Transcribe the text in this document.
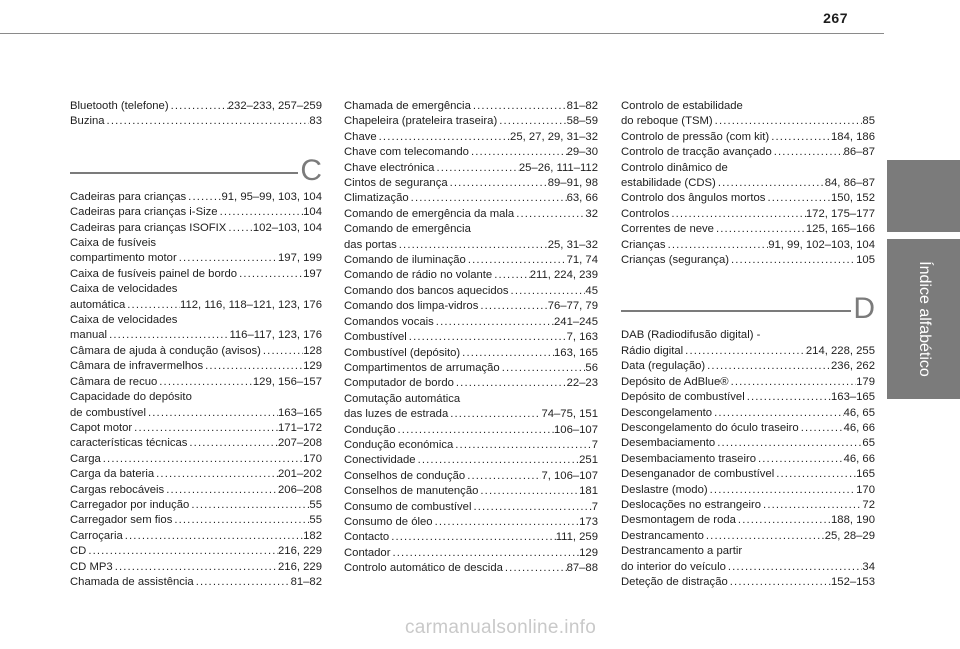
267
Índice alfabético
Bluetooth (telefone) . . .	232–233, 257–259
Buzina . . .	83
C
Cadeiras para crianças . . .	91, 95–99, 103, 104
Cadeiras para crianças i-Size . . .	104
Cadeiras para crianças ISOFIX . . . 102–103, 104
Caixa de fusíveis
compartimento motor . . .	197, 199
Caixa de fusíveis painel de bordo . . .	197
Caixa de velocidades
automática . . .	112, 116, 118–121, 123, 176
Caixa de velocidades
manual . . .	116–117, 123, 176
Câmara de ajuda à condução (avisos) . . .	128
Câmara de infravermelhos . . .	129
Câmara de recuo . . .	129, 156–157
Capacidade do depósito
de combustível . . .	163–165
Capot motor . . .	171–172
características técnicas . . .	207–208
Carga . . .	170
Carga da bateria . . .	201–202
Cargas rebocáveis . . .	206–208
Carregador por indução . . .	55
Carregador sem fios . . .	55
Carroçaria . . .	182
CD . . .	216, 229
CD MP3 . . .	216, 229
Chamada de assistência . . .	81–82
Chamada de emergência . . .	81–82
Chapeleira (prateleira traseira) . . .	58–59
Chave . . .	25, 27, 29, 31–32
Chave com telecomando . . .	29–30
Chave electrónica . . .	25–26, 111–112
Cintos de segurança . . .	89–91, 98
Climatização . . .	63, 66
Comando de emergência da mala . . .	32
Comando de emergência
das portas . . .	25, 31–32
Comando de iluminação . . .	71, 74
Comando de rádio no volante . . .	211, 224, 239
Comando dos bancos aquecidos . . .	45
Comando dos limpa-vidros . . .	76–77, 79
Comandos vocais . . .	241–245
Combustível . . .	7, 163
Combustível (depósito) . . .	163, 165
Compartimentos de arrumação . . .	56
Computador de bordo . . .	22–23
Comutação automática
das luzes de estrada . . .	74–75, 151
Condução . . .	106–107
Condução económica . . .	7
Conectividade . . .	251
Conselhos de condução . . .	7, 106–107
Conselhos de manutenção . . .	181
Consumo de combustível . . .	7
Consumo de óleo . . .	173
Contacto . . .	111, 259
Contador . . .	129
Controlo automático de descida . . .	87–88
Controlo de estabilidade
do reboque (TSM) . . .	85
Controlo de pressão (com kit) . . .	184, 186
Controlo de tracção avançado . . .	86–87
Controlo dinâmico de
estabilidade (CDS) . . .	84, 86–87
Controlo dos ângulos mortos . . .	150, 152
Controlos . . .	172, 175–177
Correntes de neve . . .	125, 165–166
Crianças . . .	91, 99, 102–103, 104
Crianças (segurança) . . .	105
D
DAB (Radiodifusão digital) -
Rádio digital . . .	214, 228, 255
Data (regulação) . . .	236, 262
Depósito de AdBlue® . . .	179
Depósito de combustível . . .	163–165
Descongelamento . . .	46, 65
Descongelamento do óculo traseiro . . .	46, 66
Desembaciamento . . .	65
Desembaciamento traseiro . . .	46, 66
Desenganador de combustível . . .	165
Deslastre (modo) . . .	170
Deslocações no estrangeiro . . .	72
Desmontagem de roda . . .	188, 190
Destrancamento . . .	25, 28–29
Destrancamento a partir
do interior do veículo . . .	34
Deteção de distração . . .	152–153
carmanualsonline.info
